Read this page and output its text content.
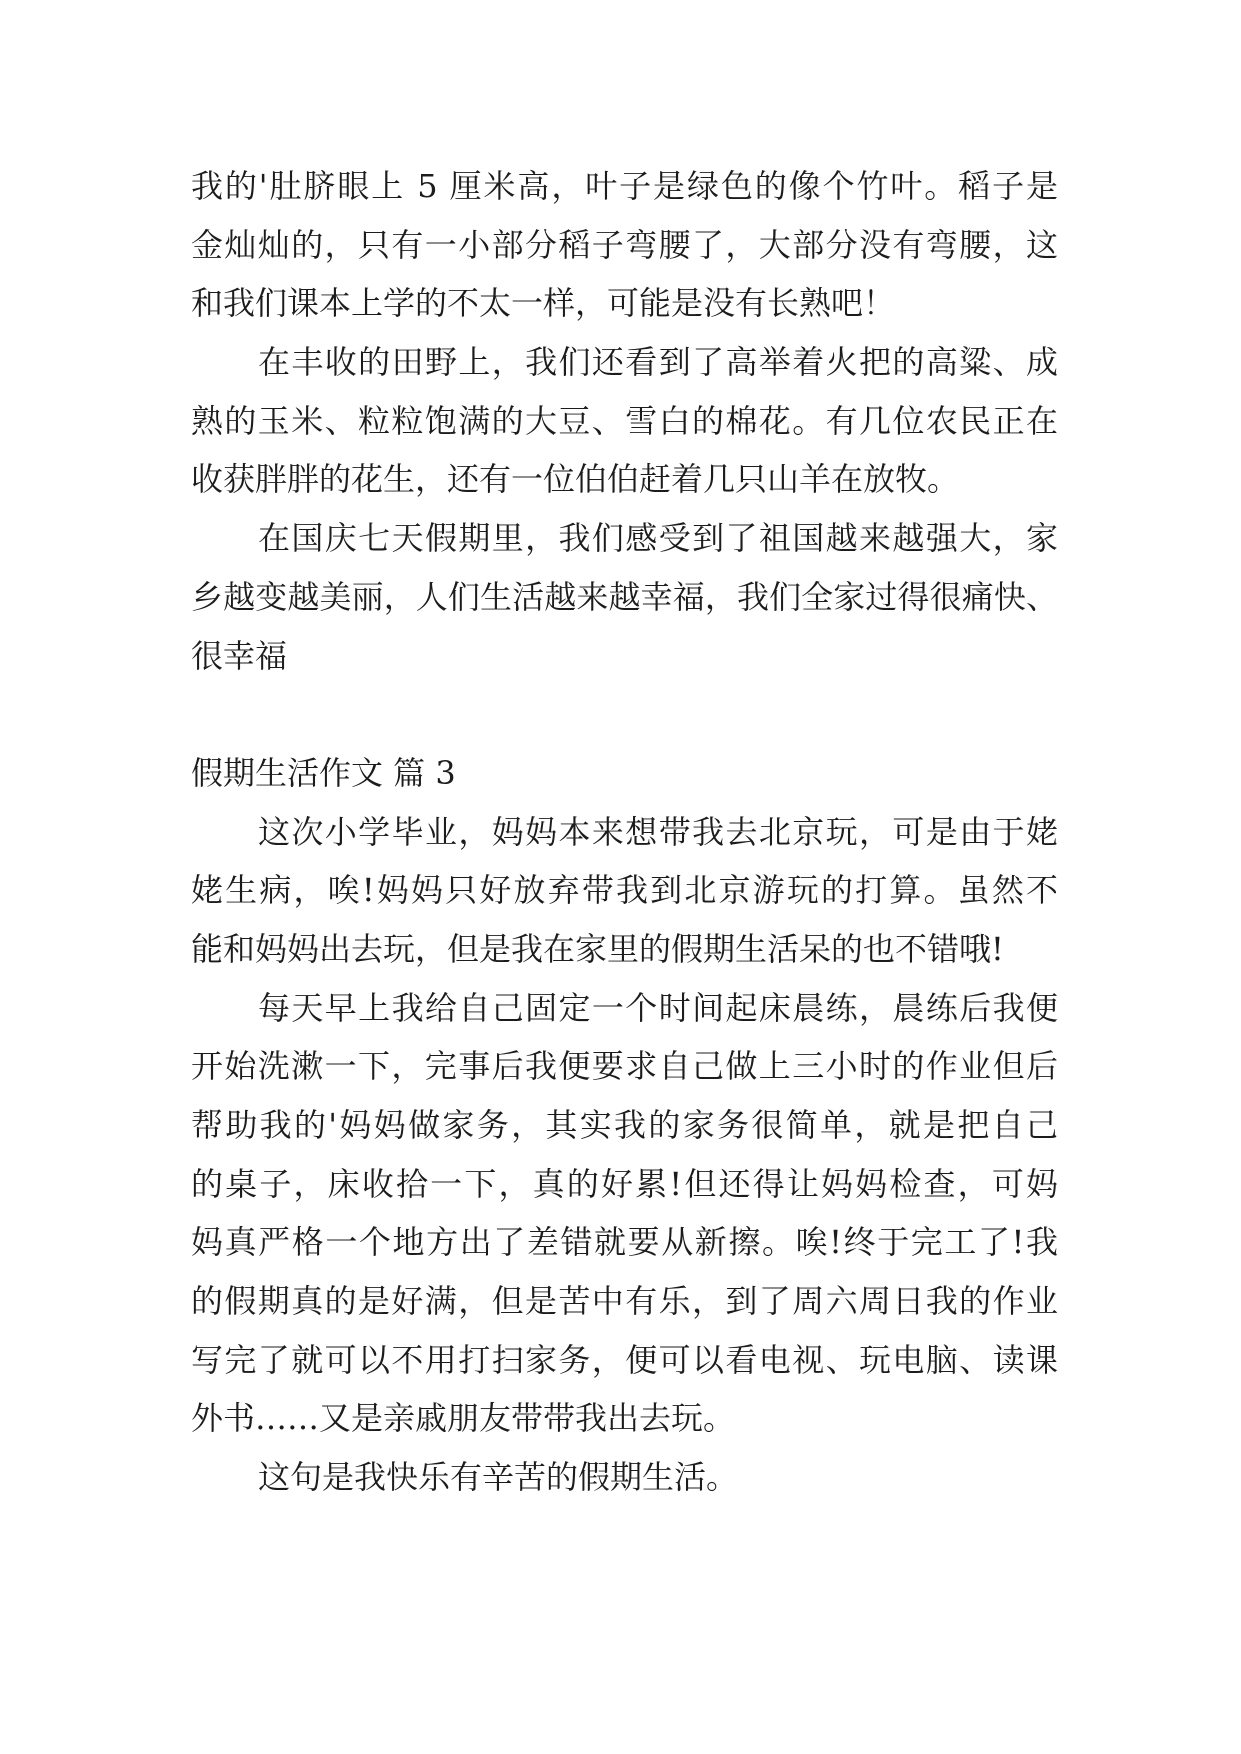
我的'肚脐眼上 5 厘米高，叶子是绿色的像个竹叶。稻子是
金灿灿的，只有一小部分稻子弯腰了，大部分没有弯腰，这
和我们课本上学的不太一样，可能是没有长熟吧！
在丰收的田野上，我们还看到了高举着火把的高粱、成
熟的玉米、粒粒饱满的大豆、雪白的棉花。有几位农民正在
收获胖胖的花生，还有一位伯伯赶着几只山羊在放牧。
在国庆七天假期里，我们感受到了祖国越来越强大，家
乡越变越美丽，人们生活越来越幸福，我们全家过得很痛快、
很幸福
假期生活作文 篇 3
这次小学毕业，妈妈本来想带我去北京玩，可是由于姥
姥生病，唉!妈妈只好放弃带我到北京游玩的打算。虽然不
能和妈妈出去玩，但是我在家里的假期生活呆的也不错哦!
每天早上我给自己固定一个时间起床晨练，晨练后我便
开始洗漱一下，完事后我便要求自己做上三小时的作业但后
帮助我的'妈妈做家务，其实我的家务很简单，就是把自己
的桌子，床收拾一下，真的好累!但还得让妈妈检查，可妈
妈真严格一个地方出了差错就要从新擦。唉!终于完工了!我
的假期真的是好满，但是苦中有乐，到了周六周日我的作业
写完了就可以不用打扫家务，便可以看电视、玩电脑、读课
外书……又是亲戚朋友带带我出去玩。
这句是我快乐有辛苦的假期生活。
